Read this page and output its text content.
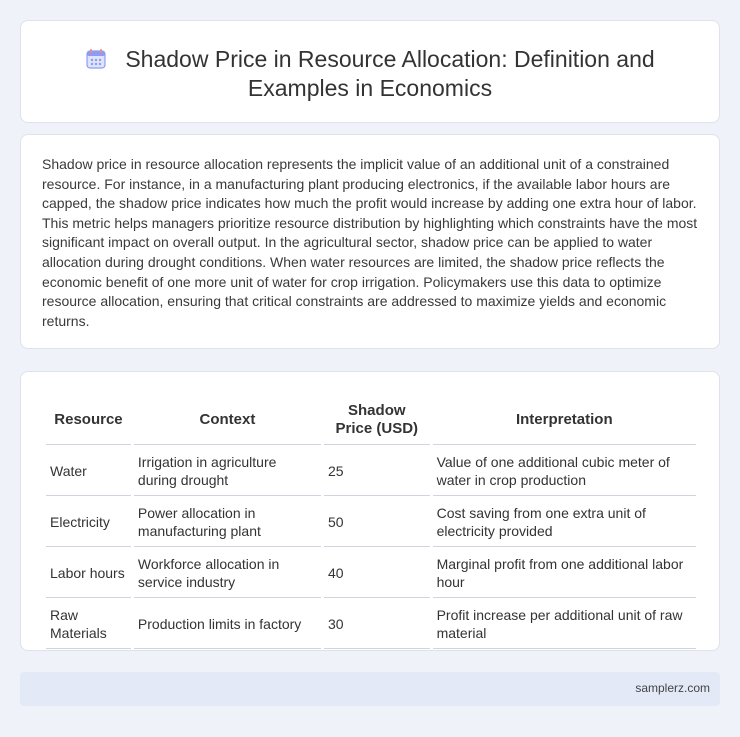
Shadow Price in Resource Allocation: Definition and Examples in Economics

Shadow price in resource allocation represents the implicit value of an additional unit of a constrained resource. For instance, in a manufacturing plant producing electronics, if the available labor hours are capped, the shadow price indicates how much the profit would increase by adding one extra hour of labor. This metric helps managers prioritize resource distribution by highlighting which constraints have the most significant impact on overall output. In the agricultural sector, shadow price can be applied to water allocation during drought conditions. When water resources are limited, the shadow price reflects the economic benefit of one more unit of water for crop irrigation. Policymakers use this data to optimize resource allocation, ensuring that critical constraints are addressed to maximize yields and economic returns.

Resource	Context	Shadow Price (USD)	Interpretation
Water	Irrigation in agriculture during drought	25	Value of one additional cubic meter of water in crop production
Electricity	Power allocation in manufacturing plant	50	Cost saving from one extra unit of electricity provided
Labor hours	Workforce allocation in service industry	40	Marginal profit from one additional labor hour
Raw Materials	Production limits in factory	30	Profit increase per additional unit of raw material
samplerz.com
